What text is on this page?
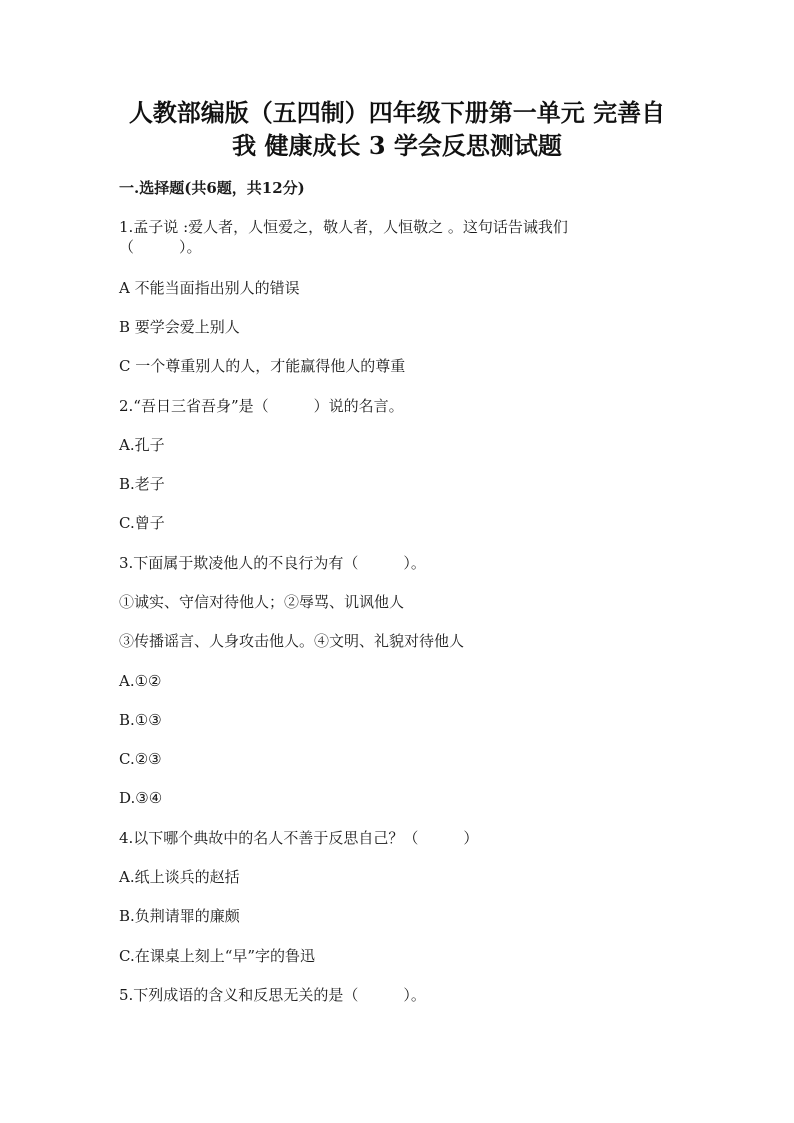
人教部编版（五四制）四年级下册第一单元 完善自
我 健康成长 3 学会反思测试题
一.选择题(共6题，共12分)
1.孟子说 :爱人者，人恒爱之，敬人者，人恒敬之 。这句话告诫我们
（　　　）。
A 不能当面指出别人的错误
B 要学会爱上别人
C 一个尊重别人的人，才能赢得他人的尊重
2.“吾日三省吾身”是（　　　）说的名言。
A.孔子
B.老子
C.曾子
3.下面属于欺凌他人的不良行为有（　　　）。
①诚实、守信对待他人；②辱骂、讥讽他人
③传播谣言、人身攻击他人。④文明、礼貌对待他人
A.①②
B.①③
C.②③
D.③④
4.以下哪个典故中的名人不善于反思自己？（　　　）
A.纸上谈兵的赵括
B.负荆请罪的廉颇
C.在课桌上刻上“早”字的鲁迅
5.下列成语的含义和反思无关的是（　　　）。
